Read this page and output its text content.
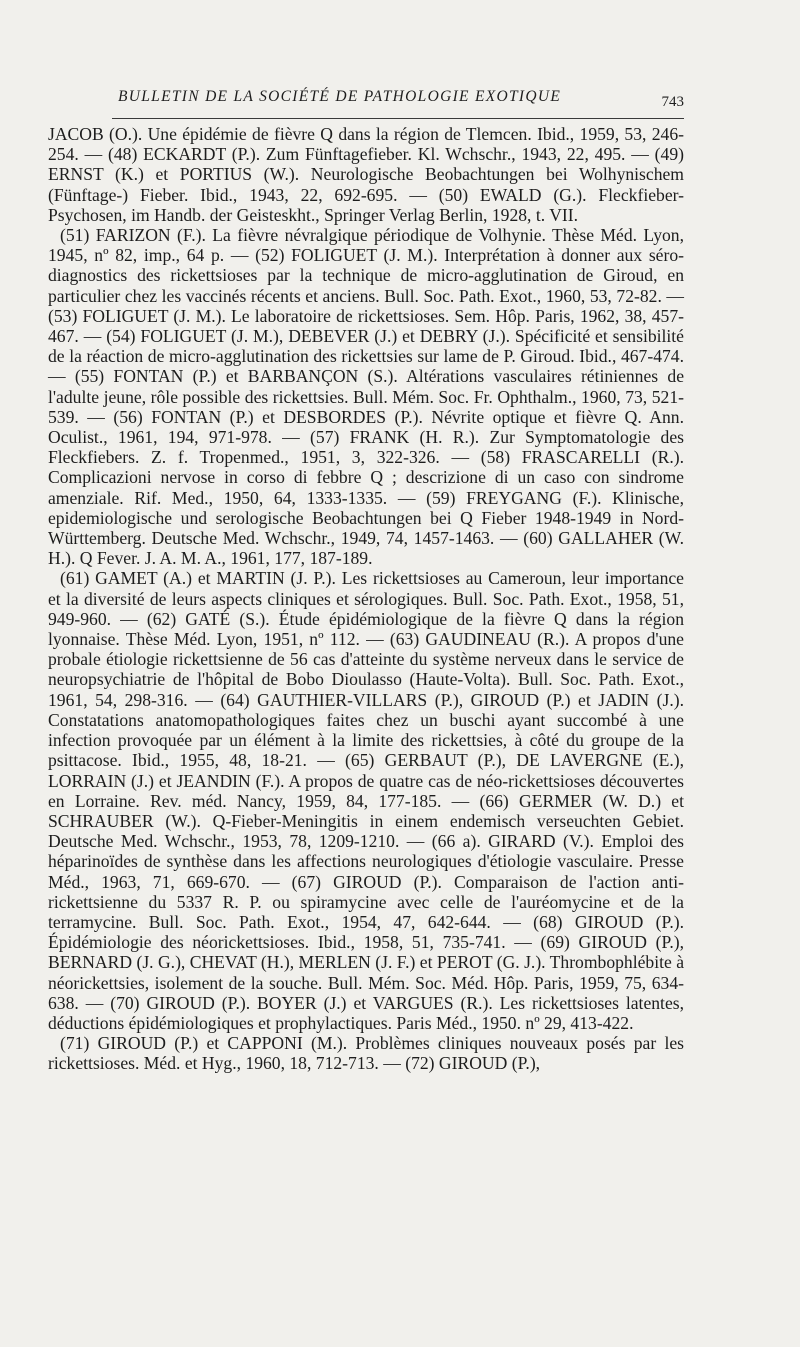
BULLETIN DE LA SOCIÉTÉ DE PATHOLOGIE EXOTIQUE	743

JACOB (O.). Une épidémie de fièvre Q dans la région de Tlemcen. Ibid., 1959, 53, 246-254. — (48) ECKARDT (P.). Zum Fünftagefieber. Kl. Wchschr., 1943, 22, 495. — (49) ERNST (K.) et PORTIUS (W.). Neurologische Beobachtungen bei Wolhynischem (Fünftage-) Fieber. Ibid., 1943, 22, 692-695. — (50) EWALD (G.). Fleckfieber-Psychosen, im Handb. der Geisteskht., Springer Verlag Berlin, 1928, t. VII.

(51) FARIZON (F.). La fièvre névralgique périodique de Volhynie. Thèse Méd. Lyon, 1945, nº 82, imp., 64 p. — (52) FOLIGUET (J. M.). Interprétation à donner aux séro-diagnostics des rickettsioses par la technique de micro-agglutination de Giroud, en particulier chez les vaccinés récents et anciens. Bull. Soc. Path. Exot., 1960, 53, 72-82. — (53) FOLIGUET (J. M.). Le laboratoire de rickettsioses. Sem. Hôp. Paris, 1962, 38, 457-467. — (54) FOLIGUET (J. M.), DEBEVER (J.) et DEBRY (J.). Spécificité et sensibilité de la réaction de micro-agglutination des rickettsies sur lame de P. Giroud. Ibid., 467-474. — (55) FONTAN (P.) et BARBANÇON (S.). Altérations vasculaires rétiniennes de l'adulte jeune, rôle possible des rickettsies. Bull. Mém. Soc. Fr. Ophthalm., 1960, 73, 521-539. — (56) FONTAN (P.) et DESBORDES (P.). Névrite optique et fièvre Q. Ann. Oculist., 1961, 194, 971-978. — (57) FRANK (H. R.). Zur Symptomatologie des Fleckfiebers. Z. f. Tropenmed., 1951, 3, 322-326. — (58) FRASCARELLI (R.). Complicazioni nervose in corso di febbre Q ; descrizione di un caso con sindrome amenziale. Rif. Med., 1950, 64, 1333-1335. — (59) FREYGANG (F.). Klinische, epidemiologische und serologische Beobachtungen bei Q Fieber 1948-1949 in Nord-Württemberg. Deutsche Med. Wchschr., 1949, 74, 1457-1463. — (60) GALLAHER (W. H.). Q Fever. J. A. M. A., 1961, 177, 187-189.

(61) GAMET (A.) et MARTIN (J. P.). Les rickettsioses au Cameroun, leur importance et la diversité de leurs aspects cliniques et sérologiques. Bull. Soc. Path. Exot., 1958, 51, 949-960. — (62) GATÉ (S.). Étude épidémiologique de la fièvre Q dans la région lyonnaise. Thèse Méd. Lyon, 1951, nº 112. — (63) GAUDINEAU (R.). A propos d'une probale étiologie rickettsienne de 56 cas d'atteinte du système nerveux dans le service de neuropsychiatrie de l'hôpital de Bobo Dioulasso (Haute-Volta). Bull. Soc. Path. Exot., 1961, 54, 298-316. — (64) GAUTHIER-VILLARS (P.), GIROUD (P.) et JADIN (J.). Constatations anatomopathologiques faites chez un buschi ayant succombé à une infection provoquée par un élément à la limite des rickettsies, à côté du groupe de la psittacose. Ibid., 1955, 48, 18-21. — (65) GERBAUT (P.), DE LAVERGNE (E.), LORRAIN (J.) et JEANDIN (F.). A propos de quatre cas de néo-rickettsioses découvertes en Lorraine. Rev. méd. Nancy, 1959, 84, 177-185. — (66) GERMER (W. D.) et SCHRAUBER (W.). Q-Fieber-Meningitis in einem endemisch verseuchten Gebiet. Deutsche Med. Wchschr., 1953, 78, 1209-1210. — (66 a). GIRARD (V.). Emploi des héparinoïdes de synthèse dans les affections neurologiques d'étiologie vasculaire. Presse Méd., 1963, 71, 669-670. — (67) GIROUD (P.). Comparaison de l'action anti-rickettsienne du 5337 R. P. ou spiramycine avec celle de l'auréomycine et de la terramycine. Bull. Soc. Path. Exot., 1954, 47, 642-644. — (68) GIROUD (P.). Épidémiologie des néorickettsioses. Ibid., 1958, 51, 735-741. — (69) GIROUD (P.), BERNARD (J. G.), CHEVAT (H.), MERLEN (J. F.) et PEROT (G. J.). Thrombophlébite à néorickettsies, isolement de la souche. Bull. Mém. Soc. Méd. Hôp. Paris, 1959, 75, 634-638. — (70) GIROUD (P.). BOYER (J.) et VARGUES (R.). Les rickettsioses latentes, déductions épidémiologiques et prophylactiques. Paris Méd., 1950. nº 29, 413-422.

(71) GIROUD (P.) et CAPPONI (M.). Problèmes cliniques nouveaux posés par les rickettsioses. Méd. et Hyg., 1960, 18, 712-713. — (72) GIROUD (P.),
